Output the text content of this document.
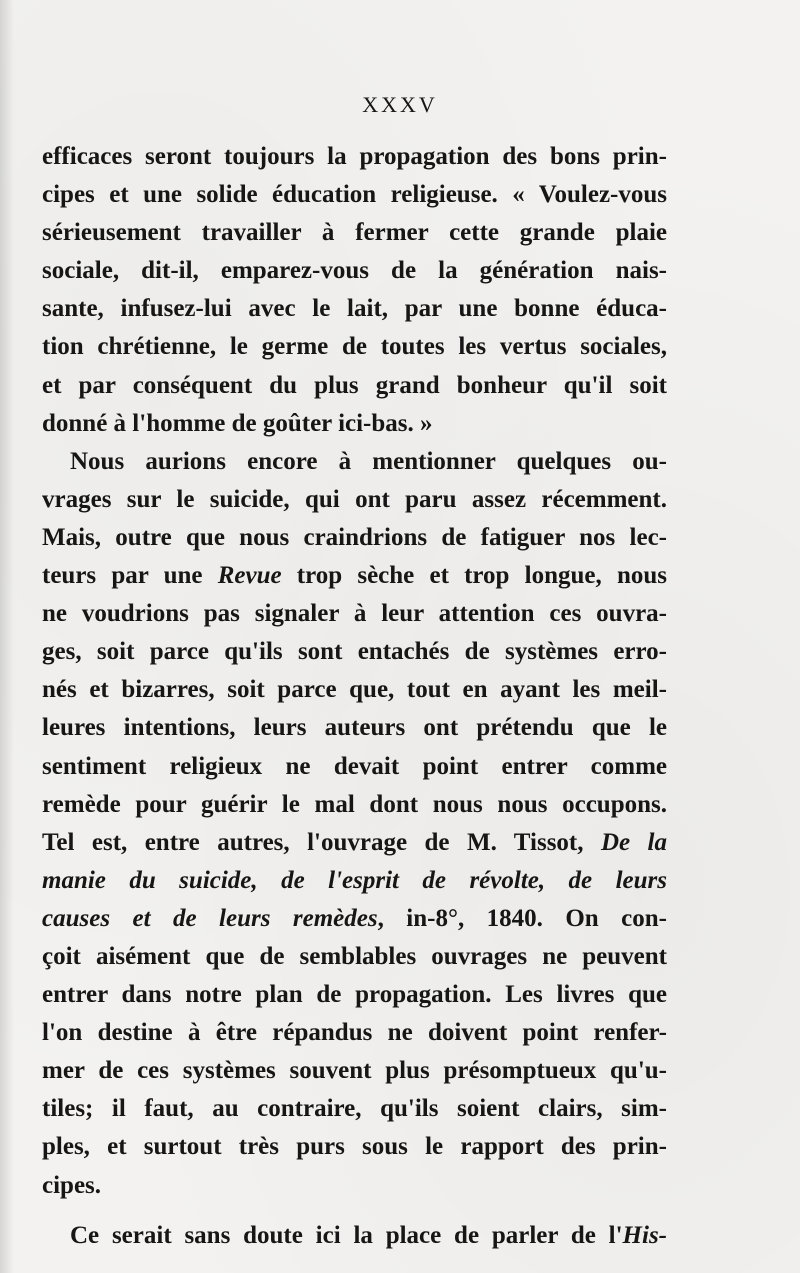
XXXV
efficaces seront toujours la propagation des bons prin-
cipes et une solide éducation religieuse. « Voulez-vous
sérieusement travailler à fermer cette grande plaie
sociale, dit-il, emparez-vous de la génération nais-
sante, infusez-lui avec le lait, par une bonne éduca-
tion chrétienne, le germe de toutes les vertus sociales,
et par conséquent du plus grand bonheur qu'il soit
donné à l'homme de goûter ici-bas. »
Nous aurions encore à mentionner quelques ou-
vrages sur le suicide, qui ont paru assez récemment.
Mais, outre que nous craindrions de fatiguer nos lec-
teurs par une Revue trop sèche et trop longue, nous
ne voudrions pas signaler à leur attention ces ouvra-
ges, soit parce qu'ils sont entachés de systèmes erro-
nés et bizarres, soit parce que, tout en ayant les meil-
leures intentions, leurs auteurs ont prétendu que le
sentiment religieux ne devait point entrer comme
remède pour guérir le mal dont nous nous occupons.
Tel est, entre autres, l'ouvrage de M. Tissot, De la
manie du suicide, de l'esprit de révolte, de leurs
causes et de leurs remèdes, in-8°, 1840. On con-
çoit aisément que de semblables ouvrages ne peuvent
entrer dans notre plan de propagation. Les livres que
l'on destine à être répandus ne doivent point renfer-
mer de ces systèmes souvent plus présomptueux qu'u-
tiles; il faut, au contraire, qu'ils soient clairs, sim-
ples, et surtout très purs sous le rapport des prin-
cipes.
Ce serait sans doute ici la place de parler de l'His-
